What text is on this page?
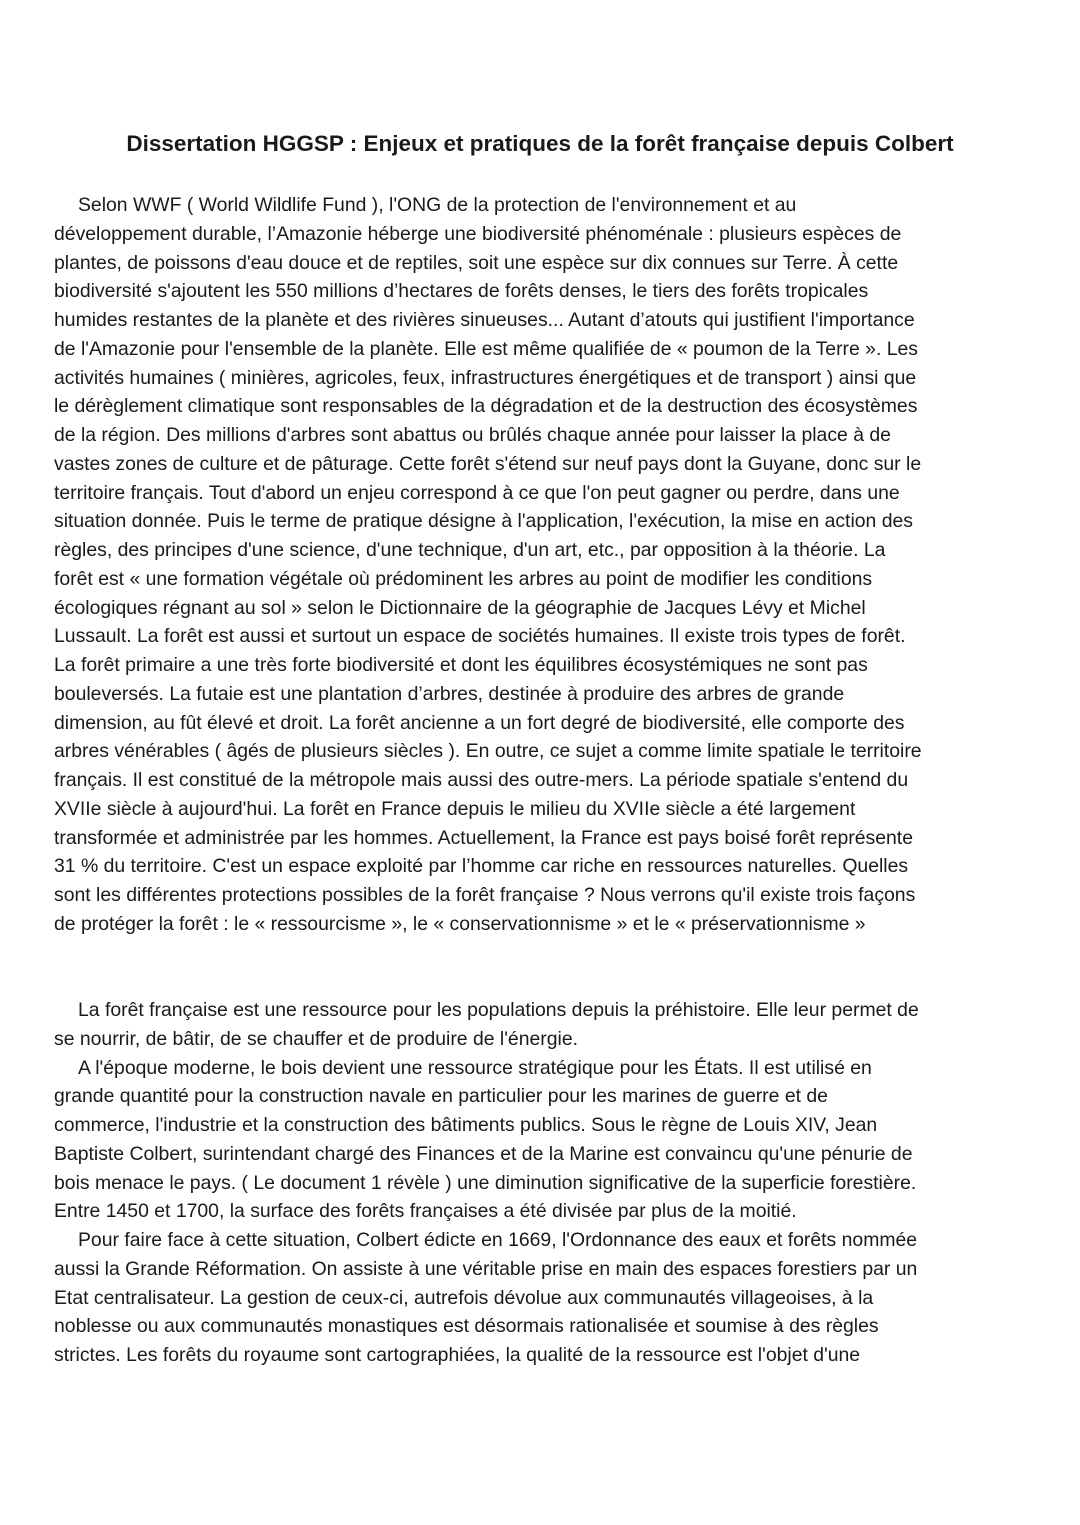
Dissertation HGGSP : Enjeux et pratiques de la forêt française depuis Colbert

Selon WWF ( World Wildlife Fund ), l'ONG de la protection de l'environnement et au

développement durable, l’Amazonie héberge une biodiversité phénoménale : plusieurs espèces de

plantes, de poissons d'eau douce et de reptiles, soit une espèce sur dix connues sur Terre. À cette

biodiversité s'ajoutent les 550 millions d’hectares de forêts denses, le tiers des forêts tropicales

humides restantes de la planète et des rivières sinueuses... Autant d’atouts qui justifient l'importance

de l'Amazonie pour l'ensemble de la planète. Elle est même qualifiée de « poumon de la Terre ». Les

activités humaines ( minières, agricoles, feux, infrastructures énergétiques et de transport ) ainsi que

le dérèglement climatique sont responsables de la dégradation et de la destruction des écosystèmes

de la région. Des millions d'arbres sont abattus ou brûlés chaque année pour laisser la place à de

vastes zones de culture et de pâturage. Cette forêt s'étend sur neuf pays dont la Guyane, donc sur le

territoire français. Tout d'abord un enjeu correspond à ce que l'on peut gagner ou perdre, dans une

situation donnée. Puis le terme de pratique désigne à l'application, l'exécution, la mise en action des

règles, des principes d'une science, d'une technique, d'un art, etc., par opposition à la théorie. La

forêt est « une formation végétale où prédominent les arbres au point de modifier les conditions

écologiques régnant au sol » selon le Dictionnaire de la géographie de Jacques Lévy et Michel

Lussault. La forêt est aussi et surtout un espace de sociétés humaines. Il existe trois types de forêt.

La forêt primaire a une très forte biodiversité et dont les équilibres écosystémiques ne sont pas

bouleversés. La futaie est une plantation d’arbres, destinée à produire des arbres de grande

dimension, au fût élevé et droit. La forêt ancienne a un fort degré de biodiversité, elle comporte des

arbres vénérables ( âgés de plusieurs siècles ). En outre, ce sujet a comme limite spatiale le territoire

français. Il est constitué de la métropole mais aussi des outre-mers. La période spatiale s'entend du

XVIIe siècle à aujourd'hui. La forêt en France depuis le milieu du XVIIe siècle a été largement

transformée et administrée par les hommes. Actuellement, la France est pays boisé forêt représente

31 % du territoire. C'est un espace exploité par l’homme car riche en ressources naturelles. Quelles

sont les différentes protections possibles de la forêt française ? Nous verrons qu'il existe trois façons

de protéger la forêt : le « ressourcisme », le « conservationnisme » et le « préservationnisme »

La forêt française est une ressource pour les populations depuis la préhistoire. Elle leur permet de

se nourrir, de bâtir, de se chauffer et de produire de l'énergie.

A l'époque moderne, le bois devient une ressource stratégique pour les États. Il est utilisé en

grande quantité pour la construction navale en particulier pour les marines de guerre et de

commerce, l'industrie et la construction des bâtiments publics. Sous le règne de Louis XIV, Jean

Baptiste Colbert, surintendant chargé des Finances et de la Marine est convaincu qu'une pénurie de

bois menace le pays. ( Le document 1 révèle ) une diminution significative de la superficie forestière.

Entre 1450 et 1700, la surface des forêts françaises a été divisée par plus de la moitié.

Pour faire face à cette situation, Colbert édicte en 1669, l'Ordonnance des eaux et forêts nommée

aussi la Grande Réformation. On assiste à une véritable prise en main des espaces forestiers par un

Etat centralisateur. La gestion de ceux-ci, autrefois dévolue aux communautés villageoises, à la

noblesse ou aux communautés monastiques est désormais rationalisée et soumise à des règles

strictes. Les forêts du royaume sont cartographiées, la qualité de la ressource est l'objet d'une
